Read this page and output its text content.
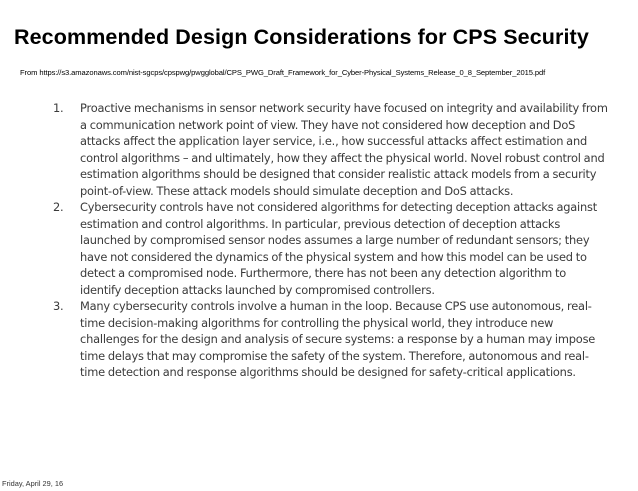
Recommended Design Considerations for CPS Security
From https://s3.amazonaws.com/nist-sgcps/cpspwg/pwgglobal/CPS_PWG_Draft_Framework_for_Cyber-Physical_Systems_Release_0_8_September_2015.pdf
1. Proactive mechanisms in sensor network security have focused on integrity and availability from a communication network point of view. They have not considered how deception and DoS attacks affect the application layer service, i.e., how successful attacks affect estimation and control algorithms – and ultimately, how they affect the physical world. Novel robust control and estimation algorithms should be designed that consider realistic attack models from a security point-of-view. These attack models should simulate deception and DoS attacks.
2. Cybersecurity controls have not considered algorithms for detecting deception attacks against estimation and control algorithms. In particular, previous detection of deception attacks launched by compromised sensor nodes assumes a large number of redundant sensors; they have not considered the dynamics of the physical system and how this model can be used to detect a compromised node. Furthermore, there has not been any detection algorithm to identify deception attacks launched by compromised controllers.
3. Many cybersecurity controls involve a human in the loop. Because CPS use autonomous, real-time decision-making algorithms for controlling the physical world, they introduce new challenges for the design and analysis of secure systems: a response by a human may impose time delays that may compromise the safety of the system. Therefore, autonomous and real-time detection and response algorithms should be designed for safety-critical applications.
Friday, April 29, 16
